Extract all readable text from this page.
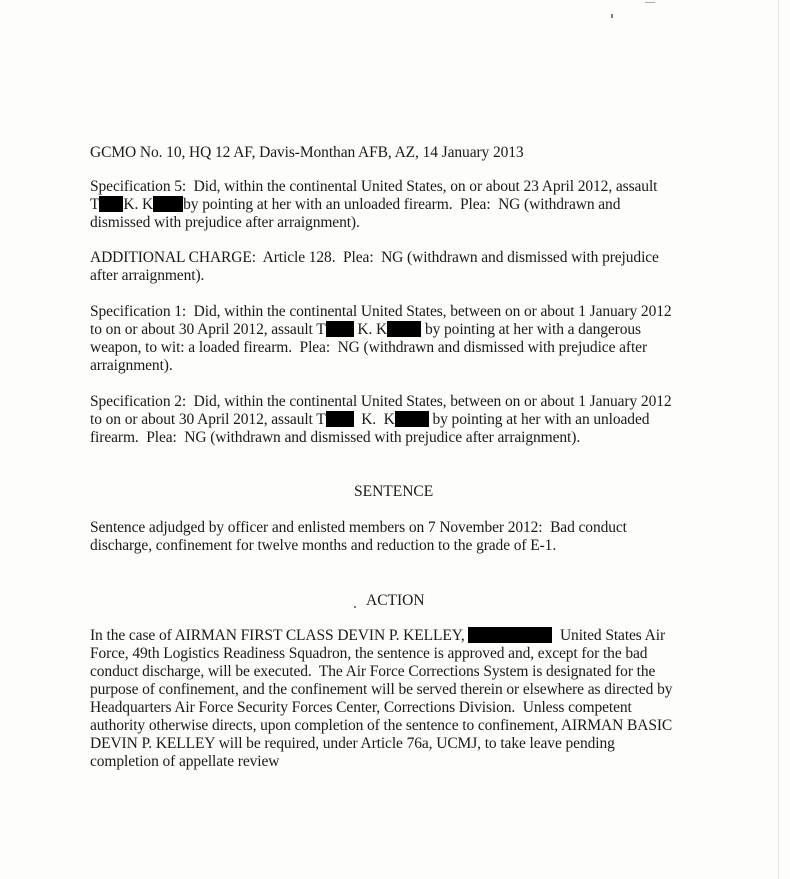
GCMO No. 10, HQ 12 AF, Davis-Monthan AFB, AZ, 14 January 2013
Specification 5:  Did, within the continental United States, on or about 23 April 2012, assault
T K. K by pointing at her with an unloaded firearm.  Plea:  NG (withdrawn and
dismissed with prejudice after arraignment).
ADDITIONAL CHARGE:  Article 128.  Plea:  NG (withdrawn and dismissed with prejudice
after arraignment).
Specification 1:  Did, within the continental United States, between on or about 1 January 2012
to on or about 30 April 2012, assault T K. K by pointing at her with a dangerous
weapon, to wit: a loaded firearm.  Plea:  NG (withdrawn and dismissed with prejudice after
arraignment).
Specification 2:  Did, within the continental United States, between on or about 1 January 2012
to on or about 30 April 2012, assault T K.  K by pointing at her with an unloaded
firearm.  Plea:  NG (withdrawn and dismissed with prejudice after arraignment).
SENTENCE
Sentence adjudged by officer and enlisted members on 7 November 2012:  Bad conduct
discharge, confinement for twelve months and reduction to the grade of E-1.
ACTION
In the case of AIRMAN FIRST CLASS DEVIN P. KELLEY,	United States Air
Force, 49th Logistics Readiness Squadron, the sentence is approved and, except for the bad
conduct discharge, will be executed.  The Air Force Corrections System is designated for the
purpose of confinement, and the confinement will be served therein or elsewhere as directed by
Headquarters Air Force Security Forces Center, Corrections Division.  Unless competent
authority otherwise directs, upon completion of the sentence to confinement, AIRMAN BASIC
DEVIN P. KELLEY will be required, under Article 76a, UCMJ, to take leave pending
completion of appellate review
